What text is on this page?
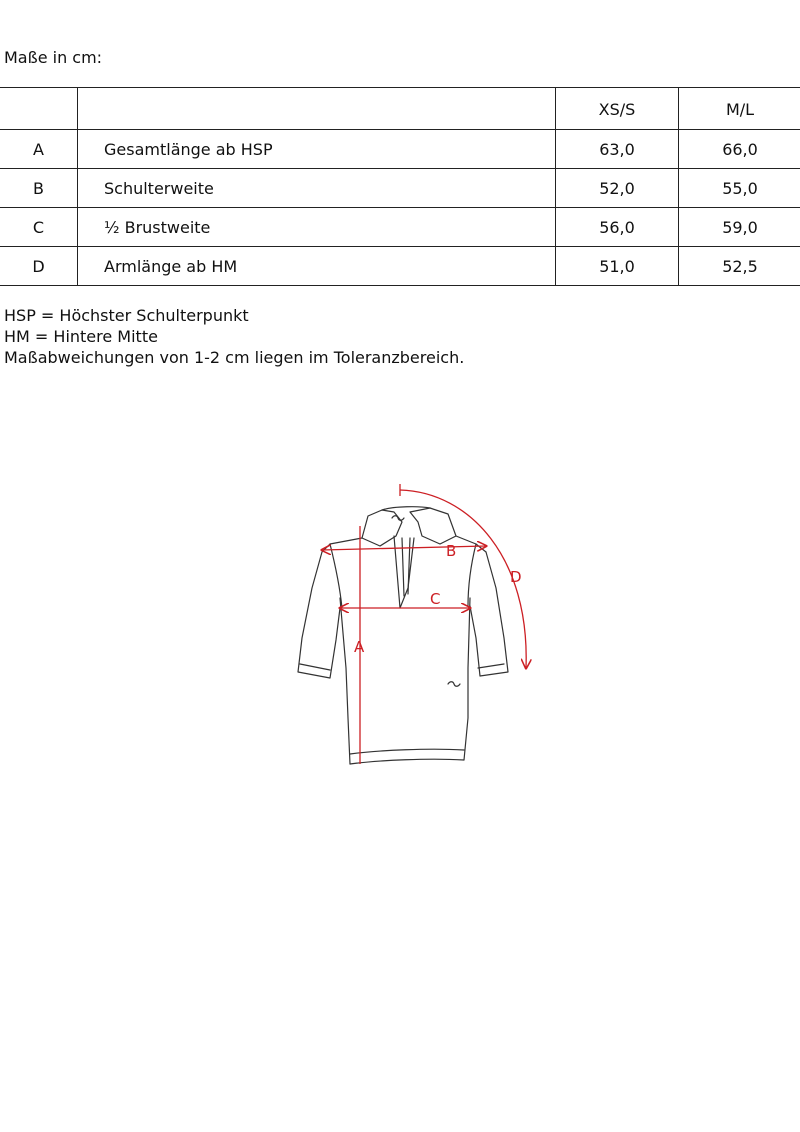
Maße in cm:
		XS/S	M/L
A	Gesamtlänge ab HSP	63,0	66,0
B	Schulterweite	52,0	55,0
C	½ Brustweite	56,0	59,0
D	Armlänge ab HM	51,0	52,5
HSP = Höchster Schulterpunkt
HM = Hintere Mitte
Maßabweichungen von 1-2 cm liegen im Toleranzbereich.
A
B
C
D
